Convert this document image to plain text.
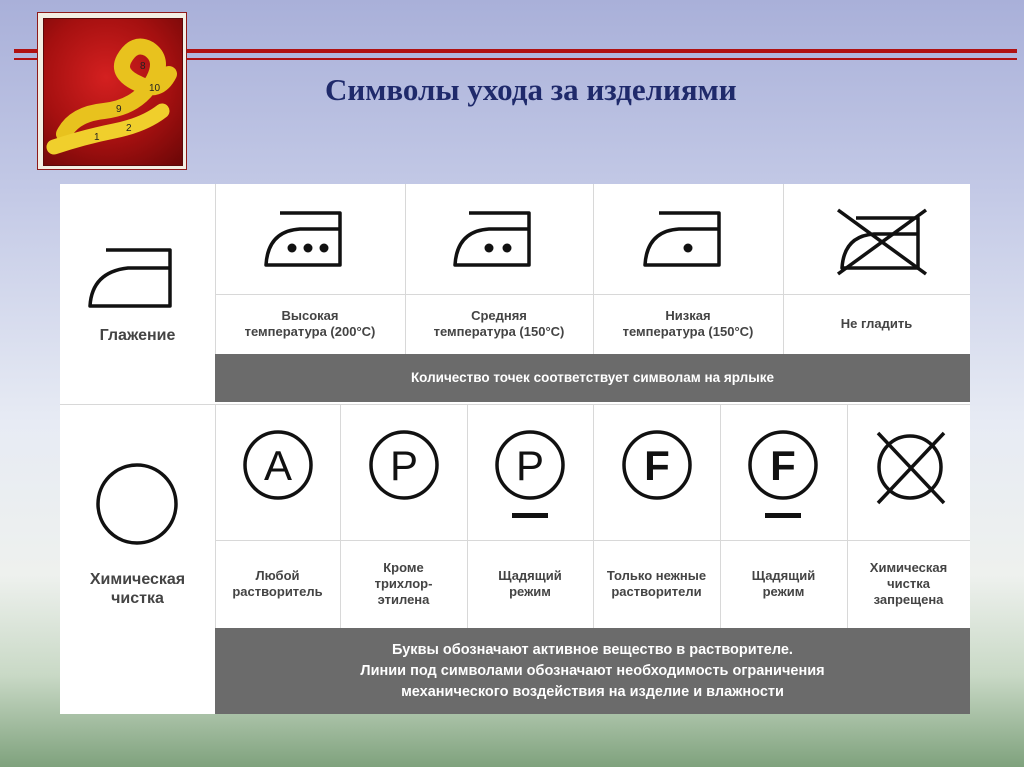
8
9
10
1
2
Символы ухода за изделиями
Глажение
Высокая
температура (200°C)
Средняя
температура (150°C)
Низкая
температура (150°C)
Не гладить
Количество точек соответствует символам на ярлыке
Химическая
чистка
A P P F F
Любой
растворитель
Кроме
трихлор-
этилена
Щадящий
режим
Только нежные
растворители
Щадящий
режим
Химическая
чистка
запрещена
Буквы обозначают активное вещество в растворителе.
Линии под символами обозначают необходимость ограничения
механического воздействия на изделие и влажности
